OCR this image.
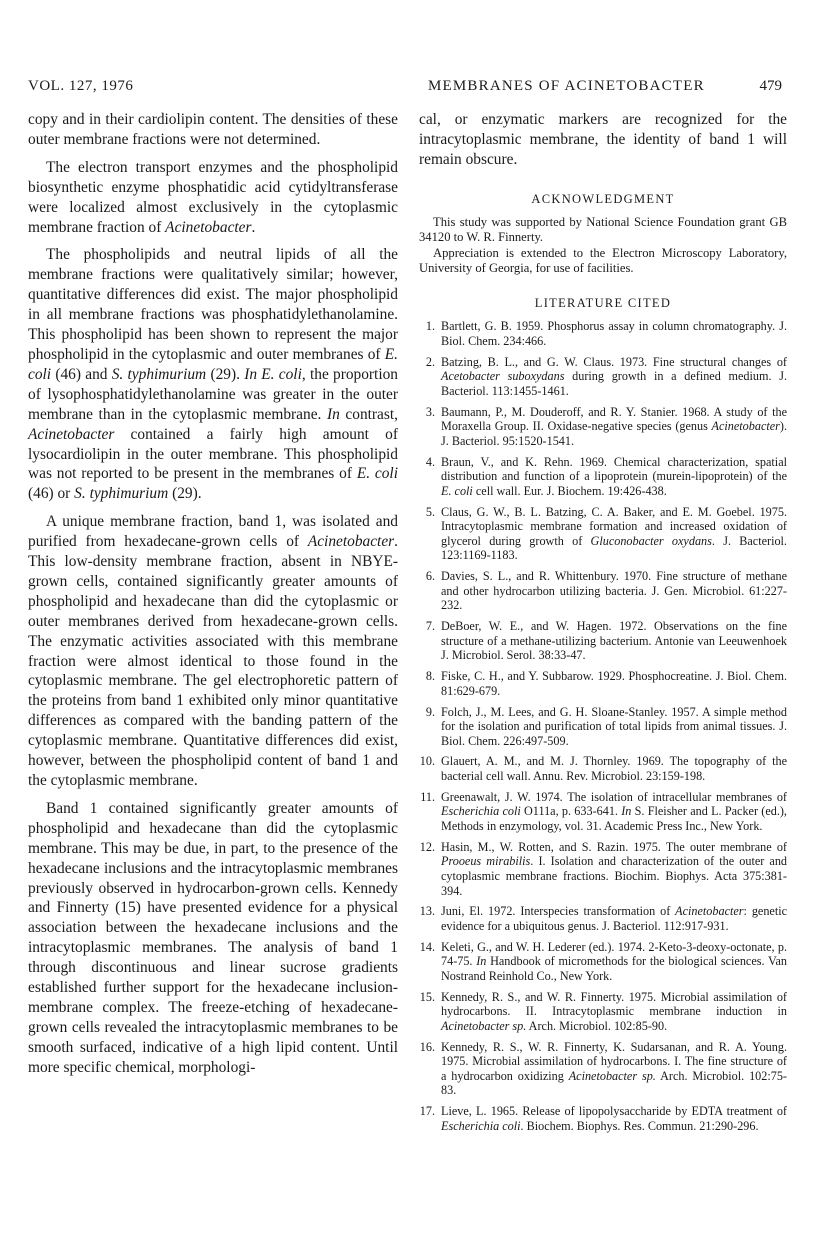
VOL. 127, 1976	MEMBRANES OF ACINETOBACTER	479

copy and in their cardiolipin content. The densities of these outer membrane fractions were not determined.

The electron transport enzymes and the phospholipid biosynthetic enzyme phosphatidic acid cytidyltransferase were localized almost exclusively in the cytoplasmic membrane fraction of Acinetobacter.

The phospholipids and neutral lipids of all the membrane fractions were qualitatively similar; however, quantitative differences did exist. The major phospholipid in all membrane fractions was phosphatidylethanolamine. This phospholipid has been shown to represent the major phospholipid in the cytoplasmic and outer membranes of E. coli (46) and S. typhimurium (29). In E. coli, the proportion of lysophosphatidylethanolamine was greater in the outer membrane than in the cytoplasmic membrane. In contrast, Acinetobacter contained a fairly high amount of lysocardiolipin in the outer membrane. This phospholipid was not reported to be present in the membranes of E. coli (46) or S. typhimurium (29).

A unique membrane fraction, band 1, was isolated and purified from hexadecane-grown cells of Acinetobacter. This low-density membrane fraction, absent in NBYE-grown cells, contained significantly greater amounts of phospholipid and hexadecane than did the cytoplasmic or outer membranes derived from hexadecane-grown cells. The enzymatic activities associated with this membrane fraction were almost identical to those found in the cytoplasmic membrane. The gel electrophoretic pattern of the proteins from band 1 exhibited only minor quantitative differences as compared with the banding pattern of the cytoplasmic membrane. Quantitative differences did exist, however, between the phospholipid content of band 1 and the cytoplasmic membrane.

Band 1 contained significantly greater amounts of phospholipid and hexadecane than did the cytoplasmic membrane. This may be due, in part, to the presence of the hexadecane inclusions and the intracytoplasmic membranes previously observed in hydrocarbon-grown cells. Kennedy and Finnerty (15) have presented evidence for a physical association between the hexadecane inclusions and the intracytoplasmic membranes. The analysis of band 1 through discontinuous and linear sucrose gradients established further support for the hexadecane inclusion-membrane complex. The freeze-etching of hexadecane-grown cells revealed the intracytoplasmic membranes to be smooth surfaced, indicative of a high lipid content. Until more specific chemical, morphologi-

cal, or enzymatic markers are recognized for the intracytoplasmic membrane, the identity of band 1 will remain obscure.

ACKNOWLEDGMENT

This study was supported by National Science Foundation grant GB 34120 to W. R. Finnerty.

Appreciation is extended to the Electron Microscopy Laboratory, University of Georgia, for use of facilities.

LITERATURE CITED
1. Bartlett, G. B. 1959. Phosphorus assay in column chromatography. J. Biol. Chem. 234:466.
2. Batzing, B. L., and G. W. Claus. 1973. Fine structural changes of Acetobacter suboxydans during growth in a defined medium. J. Bacteriol. 113:1455-1461.
3. Baumann, P., M. Douderoff, and R. Y. Stanier. 1968. A study of the Moraxella Group. II. Oxidase-negative species (genus Acinetobacter). J. Bacteriol. 95:1520-1541.
4. Braun, V., and K. Rehn. 1969. Chemical characterization, spatial distribution and function of a lipoprotein (murein-lipoprotein) of the E. coli cell wall. Eur. J. Biochem. 19:426-438.
5. Claus, G. W., B. L. Batzing, C. A. Baker, and E. M. Goebel. 1975. Intracytoplasmic membrane formation and increased oxidation of glycerol during growth of Gluconobacter oxydans. J. Bacteriol. 123:1169-1183.
6. Davies, S. L., and R. Whittenbury. 1970. Fine structure of methane and other hydrocarbon utilizing bacteria. J. Gen. Microbiol. 61:227-232.
7. DeBoer, W. E., and W. Hagen. 1972. Observations on the fine structure of a methane-utilizing bacterium. Antonie van Leeuwenhoek J. Microbiol. Serol. 38:33-47.
8. Fiske, C. H., and Y. Subbarow. 1929. Phosphocreatine. J. Biol. Chem. 81:629-679.
9. Folch, J., M. Lees, and G. H. Sloane-Stanley. 1957. A simple method for the isolation and purification of total lipids from animal tissues. J. Biol. Chem. 226:497-509.
10. Glauert, A. M., and M. J. Thornley. 1969. The topography of the bacterial cell wall. Annu. Rev. Microbiol. 23:159-198.
11. Greenawalt, J. W. 1974. The isolation of intracellular membranes of Escherichia coli O111a, p. 633-641. In S. Fleisher and L. Packer (ed.), Methods in enzymology, vol. 31. Academic Press Inc., New York.
12. Hasin, M., W. Rotten, and S. Razin. 1975. The outer membrane of Prooeus mirabilis. I. Isolation and characterization of the outer and cytoplasmic membrane fractions. Biochim. Biophys. Acta 375:381-394.
13. Juni, El. 1972. Interspecies transformation of Acinetobacter: genetic evidence for a ubiquitous genus. J. Bacteriol. 112:917-931.
14. Keleti, G., and W. H. Lederer (ed.). 1974. 2-Keto-3-deoxy-octonate, p. 74-75. In Handbook of micromethods for the biological sciences. Van Nostrand Reinhold Co., New York.
15. Kennedy, R. S., and W. R. Finnerty. 1975. Microbial assimilation of hydrocarbons. II. Intracytoplasmic membrane induction in Acinetobacter sp. Arch. Microbiol. 102:85-90.
16. Kennedy, R. S., W. R. Finnerty, K. Sudarsanan, and R. A. Young. 1975. Microbial assimilation of hydrocarbons. I. The fine structure of a hydrocarbon oxidizing Acinetobacter sp. Arch. Microbiol. 102:75-83.
17. Lieve, L. 1965. Release of lipopolysaccharide by EDTA treatment of Escherichia coli. Biochem. Biophys. Res. Commun. 21:290-296.
